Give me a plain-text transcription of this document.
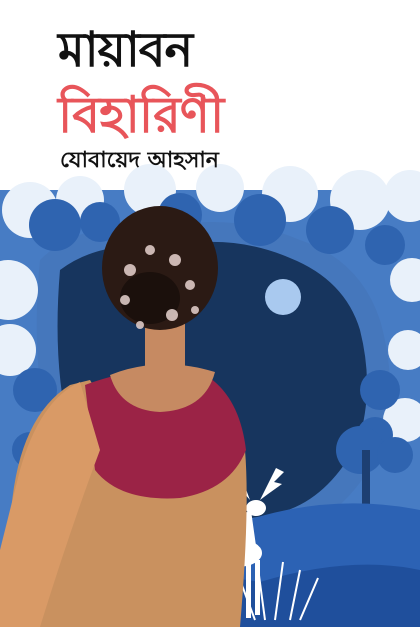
মায়াবন
বিহারিণী
যোবায়েদ আহসান
